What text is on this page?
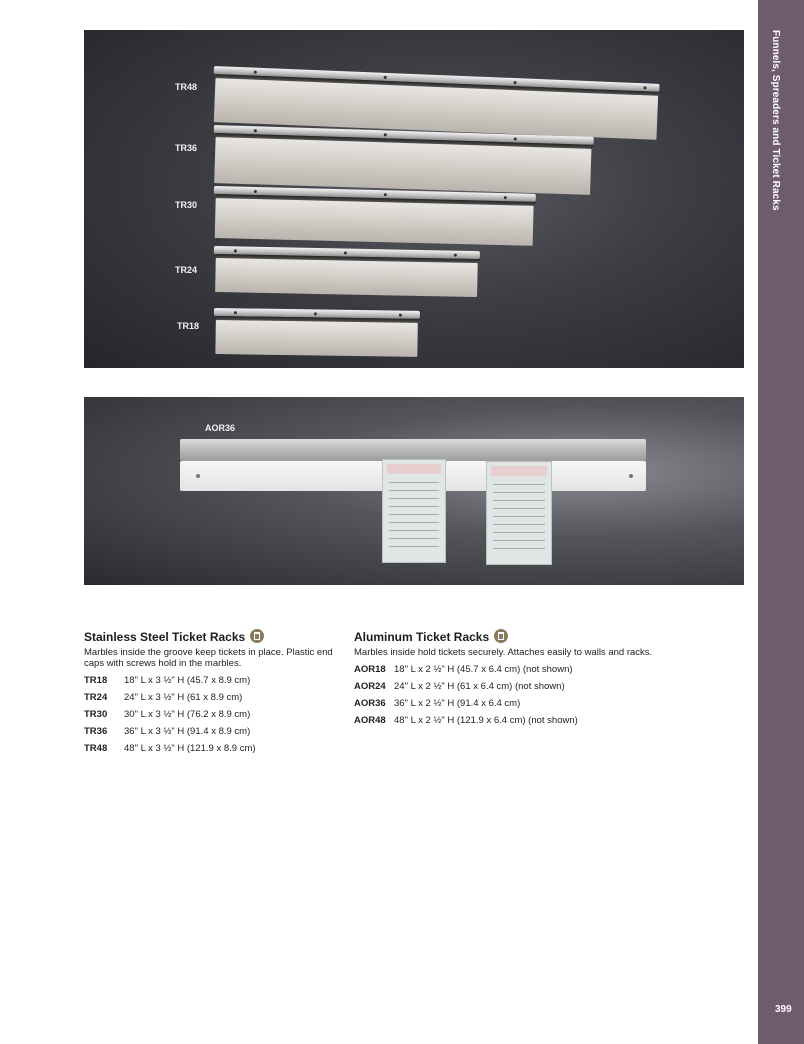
Funnels, Spreaders and Ticket Racks
399
TR48
TR36
TR30
TR24
TR18
AOR36
Stainless Steel Ticket Racks
Marbles inside the groove keep tickets in place. Plastic end caps with screws hold in the marbles.
TR18	18" L x 3 ½" H (45.7 x 8.9 cm)
TR24	24" L x 3 ½" H (61 x 8.9 cm)
TR30	30" L x 3 ½" H (76.2 x 8.9 cm)
TR36	36" L x 3 ½" H (91.4 x 8.9 cm)
TR48	48" L x 3 ½" H (121.9 x 8.9 cm)
Aluminum Ticket Racks
Marbles inside hold tickets securely. Attaches easily to walls and racks.
AOR18 18" L x 2 ½" H (45.7 x 6.4 cm) (not shown)
AOR24 24" L x 2 ½" H (61 x 6.4 cm) (not shown)
AOR36 36" L x 2 ½" H (91.4 x 6.4 cm)
AOR48 48" L x 2 ½" H (121.9 x 6.4 cm) (not shown)
